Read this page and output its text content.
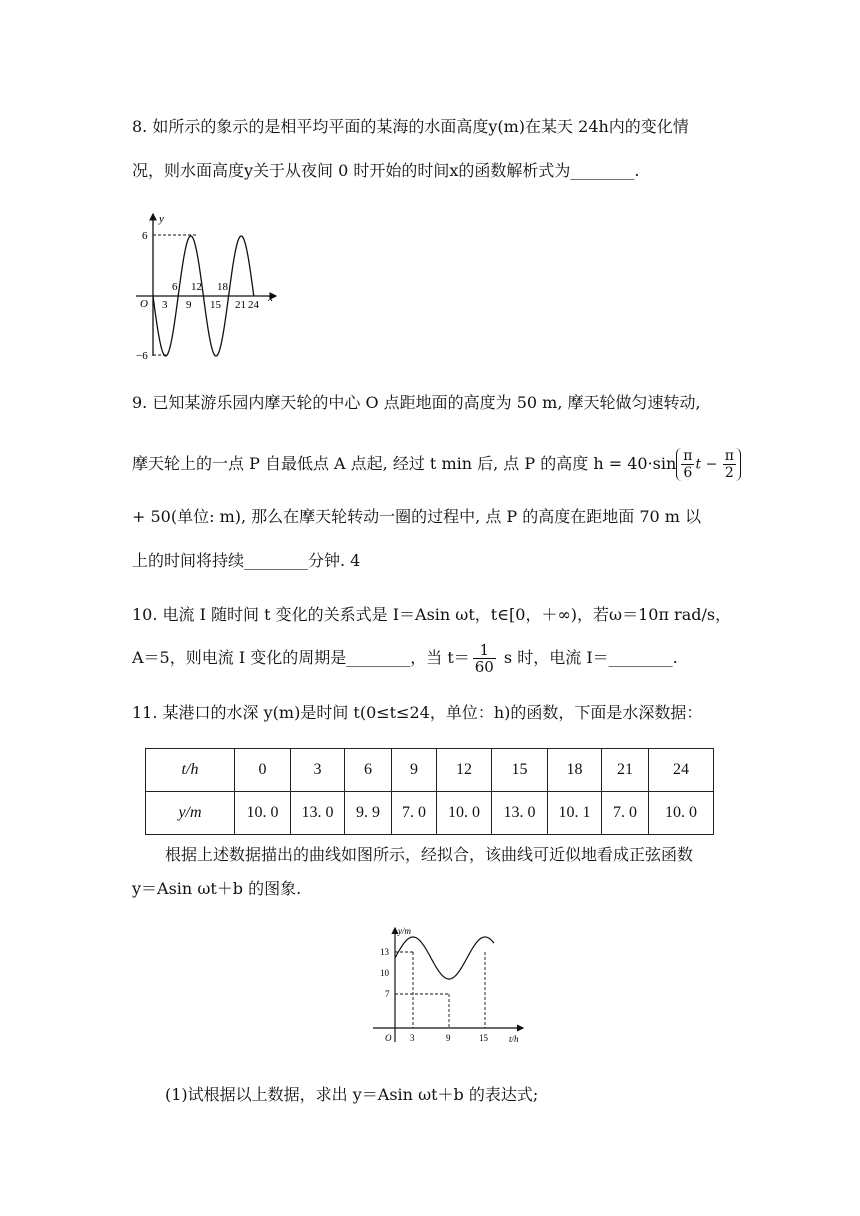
8. 如所示的象示的是相平均平面的某海的水面高度y(m)在某天 24h内的变化情
况，则水面高度y关于从夜间 0 时开始的时间x的函数解析式为________.
y
x
O
6
−6
3 9 15 21 24
6 12 18
9. 已知某游乐园内摩天轮的中心 O 点距地面的高度为 50 m, 摩天轮做匀速转动,
摩天轮上的一点 P 自最低点 A 点起, 经过 t min 后, 点 P 的高度 $h = 40\cdot\sin \frac{\pi}{6}$ $t - \frac{\pi}{2}$
+ 50(单位: m), 那么在摩天轮转动一圈的过程中, 点 P 的高度在距地面 70 m 以
上的时间将持续________分钟. 4
10. 电流 I 随时间 t 变化的关系式是 I＝Asin ωt，t∈[0，＋∞)，若ω＝10π rad/s，
A＝5，则电流 I 变化的周期是________，当 $t= \frac{1}{60}$ s 时，电流 I＝________.
11. 某港口的水深 y(m)是时间 t(0≤t≤24，单位：h)的函数，下面是水深数据：
t/h	0	3	6	9	12	15	18	21	24
y/m	10. 0	13. 0	9. 9	7. 0	10. 0	13. 0	10. 1	7. 0	10. 0
根据上述数据描出的曲线如图所示，经拟合，该曲线可近似地看成正弦函数
y＝Asin ωt＋b 的图象.
y/m
t/h
O
13
10
7
3	9	15
(1)试根据以上数据，求出 y＝Asin ωt＋b 的表达式;
